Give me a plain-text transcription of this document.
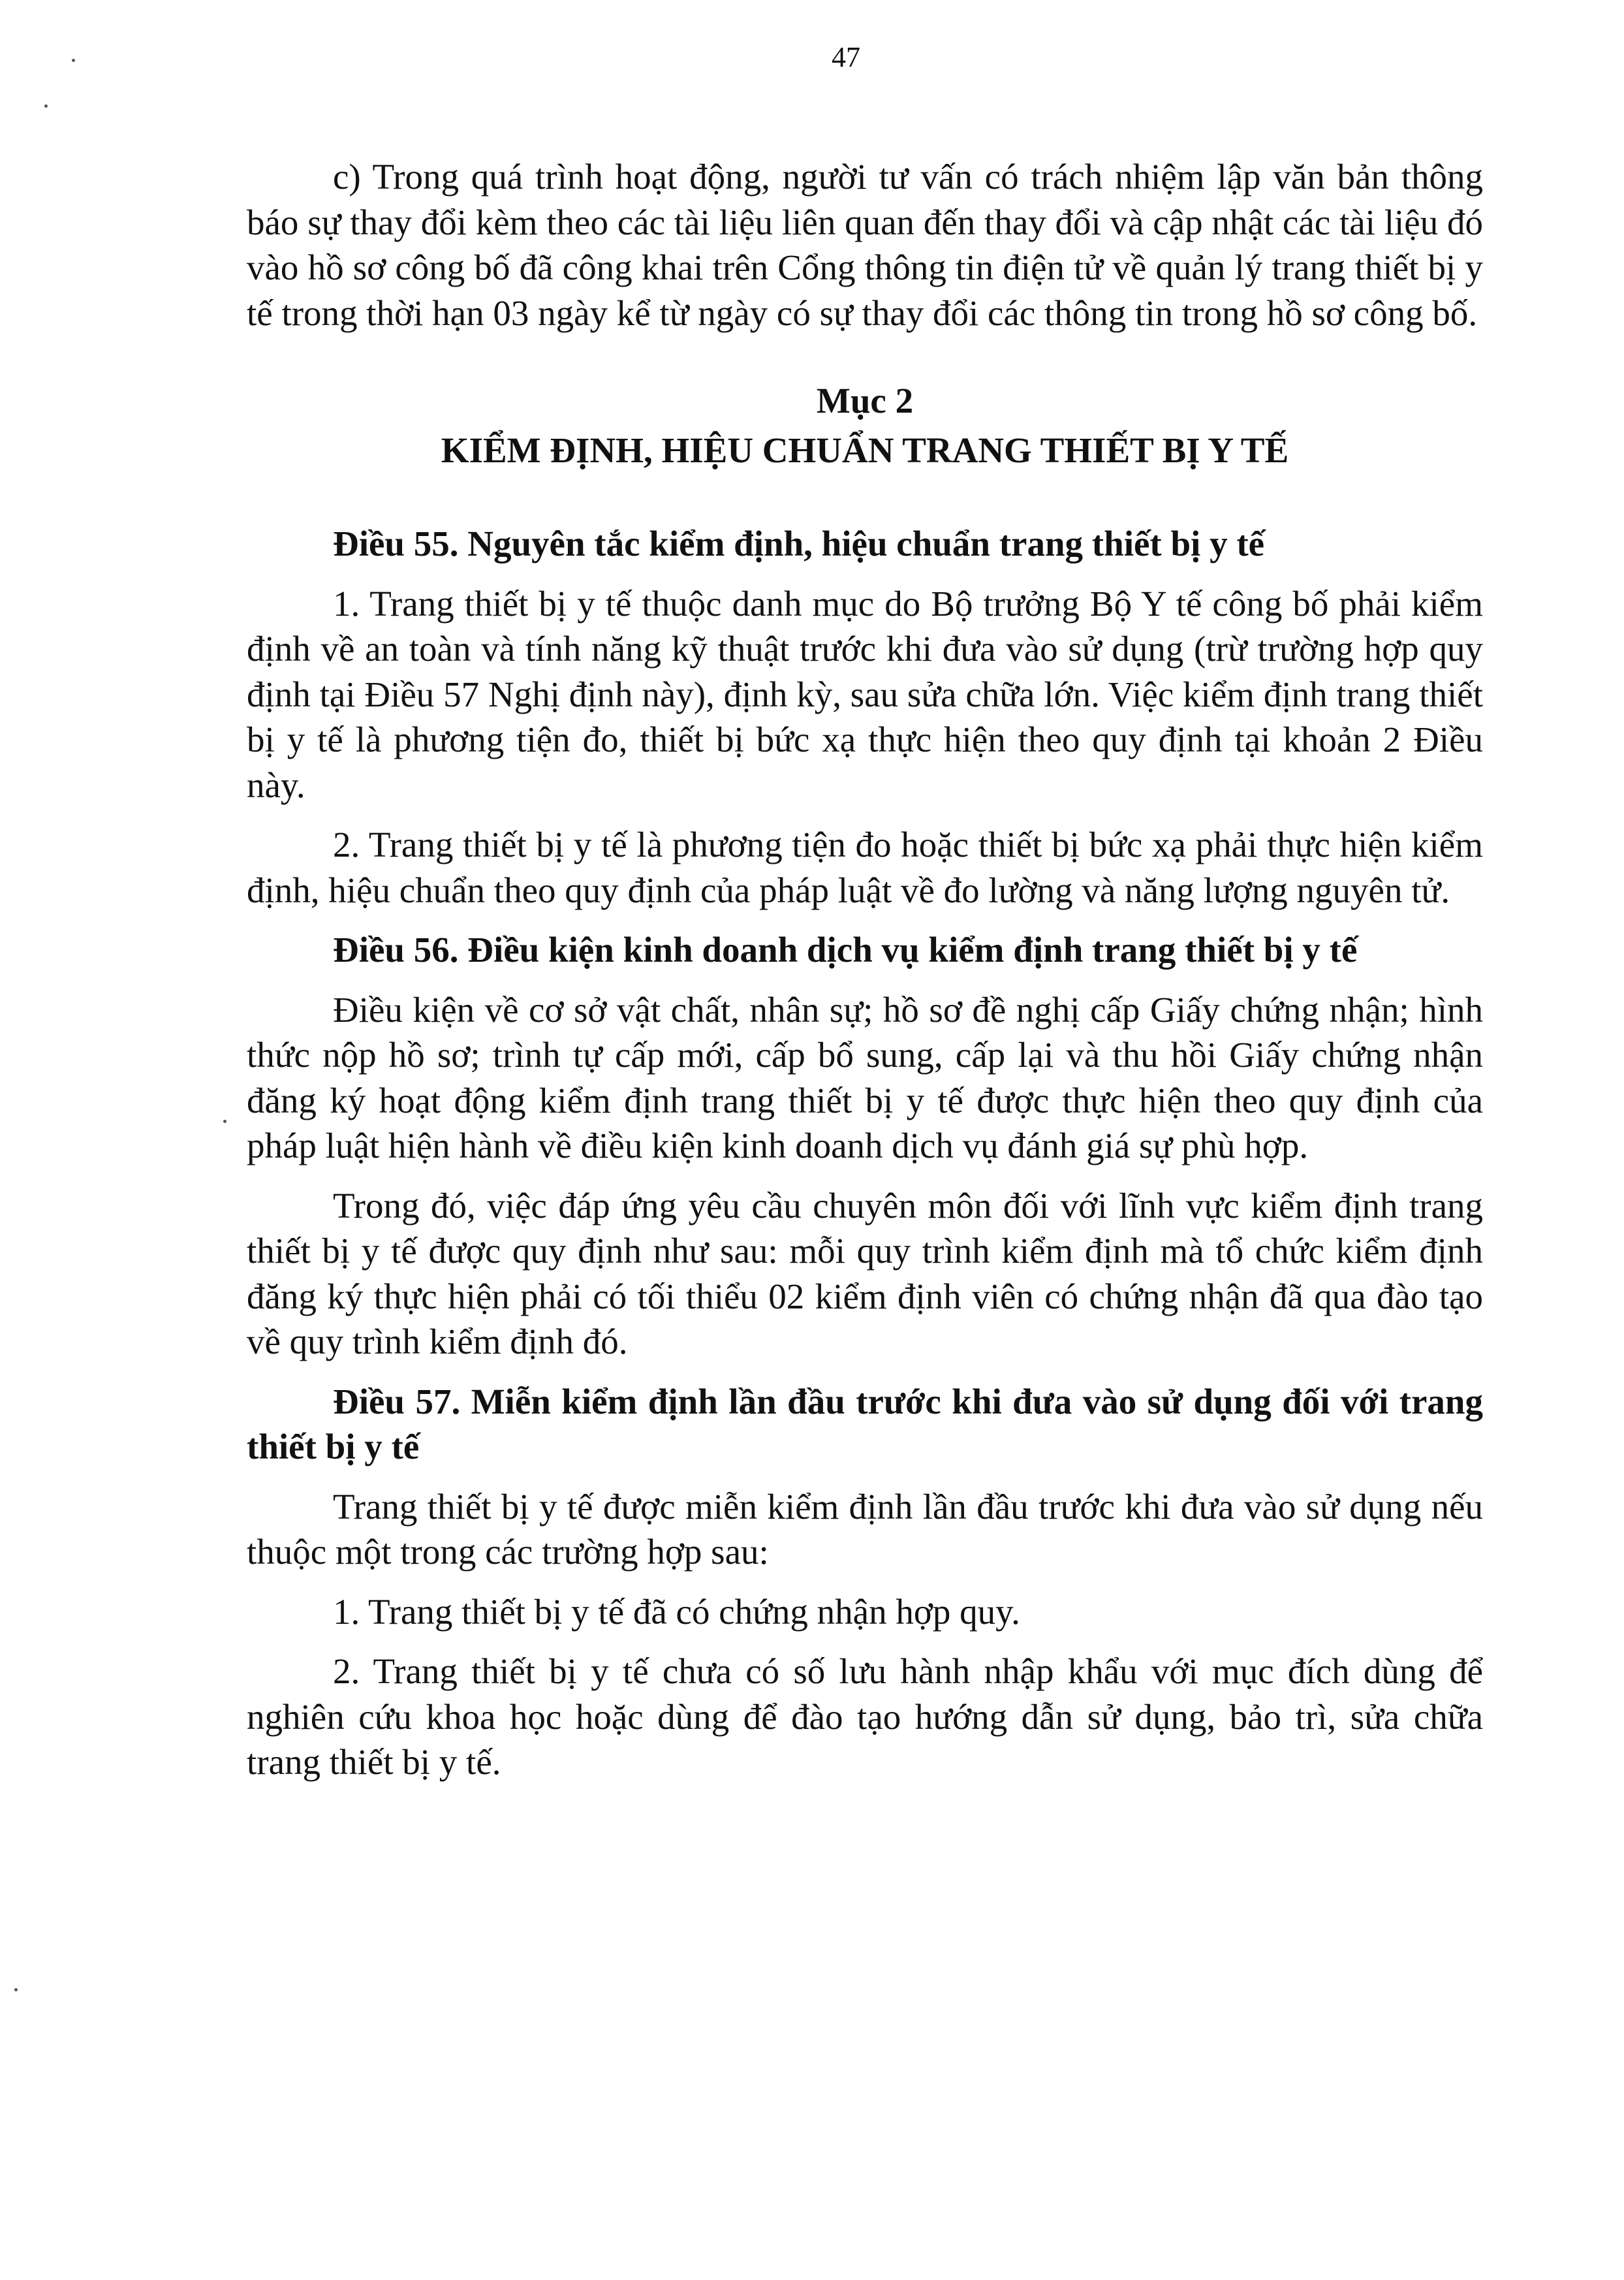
47

c) Trong quá trình hoạt động, người tư vấn có trách nhiệm lập văn bản thông báo sự thay đổi kèm theo các tài liệu liên quan đến thay đổi và cập nhật các tài liệu đó vào hồ sơ công bố đã công khai trên Cổng thông tin điện tử về quản lý trang thiết bị y tế trong thời hạn 03 ngày kể từ ngày có sự thay đổi các thông tin trong hồ sơ công bố.

Mục 2
KIỂM ĐỊNH, HIỆU CHUẨN TRANG THIẾT BỊ Y TẾ
Điều 55. Nguyên tắc kiểm định, hiệu chuẩn trang thiết bị y tế

1. Trang thiết bị y tế thuộc danh mục do Bộ trưởng Bộ Y tế công bố phải kiểm định về an toàn và tính năng kỹ thuật trước khi đưa vào sử dụng (trừ trường hợp quy định tại Điều 57 Nghị định này), định kỳ, sau sửa chữa lớn. Việc kiểm định trang thiết bị y tế là phương tiện đo, thiết bị bức xạ thực hiện theo quy định tại khoản 2 Điều này.

2. Trang thiết bị y tế là phương tiện đo hoặc thiết bị bức xạ phải thực hiện kiểm định, hiệu chuẩn theo quy định của pháp luật về đo lường và năng lượng nguyên tử.

Điều 56. Điều kiện kinh doanh dịch vụ kiểm định trang thiết bị y tế

Điều kiện về cơ sở vật chất, nhân sự; hồ sơ đề nghị cấp Giấy chứng nhận; hình thức nộp hồ sơ; trình tự cấp mới, cấp bổ sung, cấp lại và thu hồi Giấy chứng nhận đăng ký hoạt động kiểm định trang thiết bị y tế được thực hiện theo quy định của pháp luật hiện hành về điều kiện kinh doanh dịch vụ đánh giá sự phù hợp.

Trong đó, việc đáp ứng yêu cầu chuyên môn đối với lĩnh vực kiểm định trang thiết bị y tế được quy định như sau: mỗi quy trình kiểm định mà tổ chức kiểm định đăng ký thực hiện phải có tối thiểu 02 kiểm định viên có chứng nhận đã qua đào tạo về quy trình kiểm định đó.

Điều 57. Miễn kiểm định lần đầu trước khi đưa vào sử dụng đối với trang thiết bị y tế

Trang thiết bị y tế được miễn kiểm định lần đầu trước khi đưa vào sử dụng nếu thuộc một trong các trường hợp sau:

1. Trang thiết bị y tế đã có chứng nhận hợp quy.

2. Trang thiết bị y tế chưa có số lưu hành nhập khẩu với mục đích dùng để nghiên cứu khoa học hoặc dùng để đào tạo hướng dẫn sử dụng, bảo trì, sửa chữa trang thiết bị y tế.
